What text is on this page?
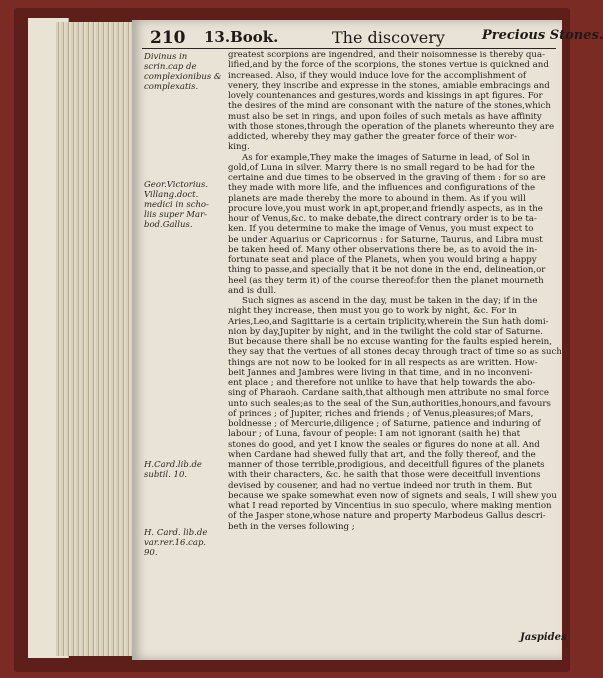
210 13.Book.	The discovery	Precious Stones.
Divinus in scrin.cap de complexionibus & complexatis.
Geor.Victorius. Villang.doct. medici in scho- liis super Mar- bod.Gallus.
H.Card.lib.de subtil. 10.
H. Card. lib.de var.rer.16.cap. 90.
greatest scorpions are ingendred, and their noisomnesse is thereby qua-
lified,and by the force of the scorpions, the stones vertue is quickned and
increased. Also, if they would induce love for the accomplishment of
venery, they inscribe and expresse in the stones, amiable embracings and
lovely countenances and gestures,words and kissings in apt figures. For
the desires of the mind are consonant with the nature of the stones,which
must also be set in rings, and upon foiles of such metals as have affinity
with those stones,through the operation of the planets whereunto they are
addicted, whereby they may gather the greater force of their wor-
king.
As for example,They make the images of Saturne in lead, of Sol in
gold,of Luna in silver. Marry there is no small regard to be had for the
certaine and due times to be observed in the graving of them : for so are
they made with more life, and the influences and configurations of the
planets are made thereby the more to abound in them. As if you will
procure love,you must work in apt,proper,and friendly aspects, as in the
hour of Venus,&c. to make debate,the direct contrary order is to be ta-
ken. If you determine to make the image of Venus, you must expect to
be under Aquarius or Capricornus : for Saturne, Taurus, and Libra must
be taken heed of. Many other observations there be, as to avoid the in-
fortunate seat and place of the Planets, when you would bring a happy
thing to passe,and specially that it be not done in the end, delineation,or
heel (as they term it) of the course thereof:for then the planet mourneth
and is dull.
Such signes as ascend in the day, must be taken in the day; if in the
night they increase, then must you go to work by night, &c. For in
Aries,Leo,and Sagittarie is a certain triplicity,wherein the Sun hath domi-
nion by day,Jupiter by night, and in the twilight the cold star of Saturne.
But because there shall be no excuse wanting for the faults espied herein,
they say that the vertues of all stones decay through tract of time so as such
things are not now to be looked for in all respects as are written. How-
beit Jannes and Jambres were living in that time, and in no inconveni-
ent place ; and therefore not unlike to have that help towards the abo-
sing of Pharaoh. Cardane saith,that although men attribute no smal force
unto such seales;as to the seal of the Sun,authorities,honours,and favours
of princes ; of Jupiter, riches and friends ; of Venus,pleasures;of Mars,
boldnesse ; of Mercurie,diligence ; of Saturne, patience and induring of
labour ; of Luna, favour of people: I am not ignorant (saith he) that
stones do good, and yet I know the seales or figures do none at all. And
when Cardane had shewed fully that art, and the folly thereof, and the
manner of those terrible,prodigious, and deceitfull figures of the planets
with their characters, &c. he saith that those were deceitfull inventions
devised by cousener, and had no vertue indeed nor truth in them. But
because we spake somewhat even now of signets and seals, I will shew you
what I read reported by Vincentius in suo speculo, where making mention
of the Jasper stone,whose nature and property Marbodeus Gallus descri-
beth in the verses following ;
Jaspides
